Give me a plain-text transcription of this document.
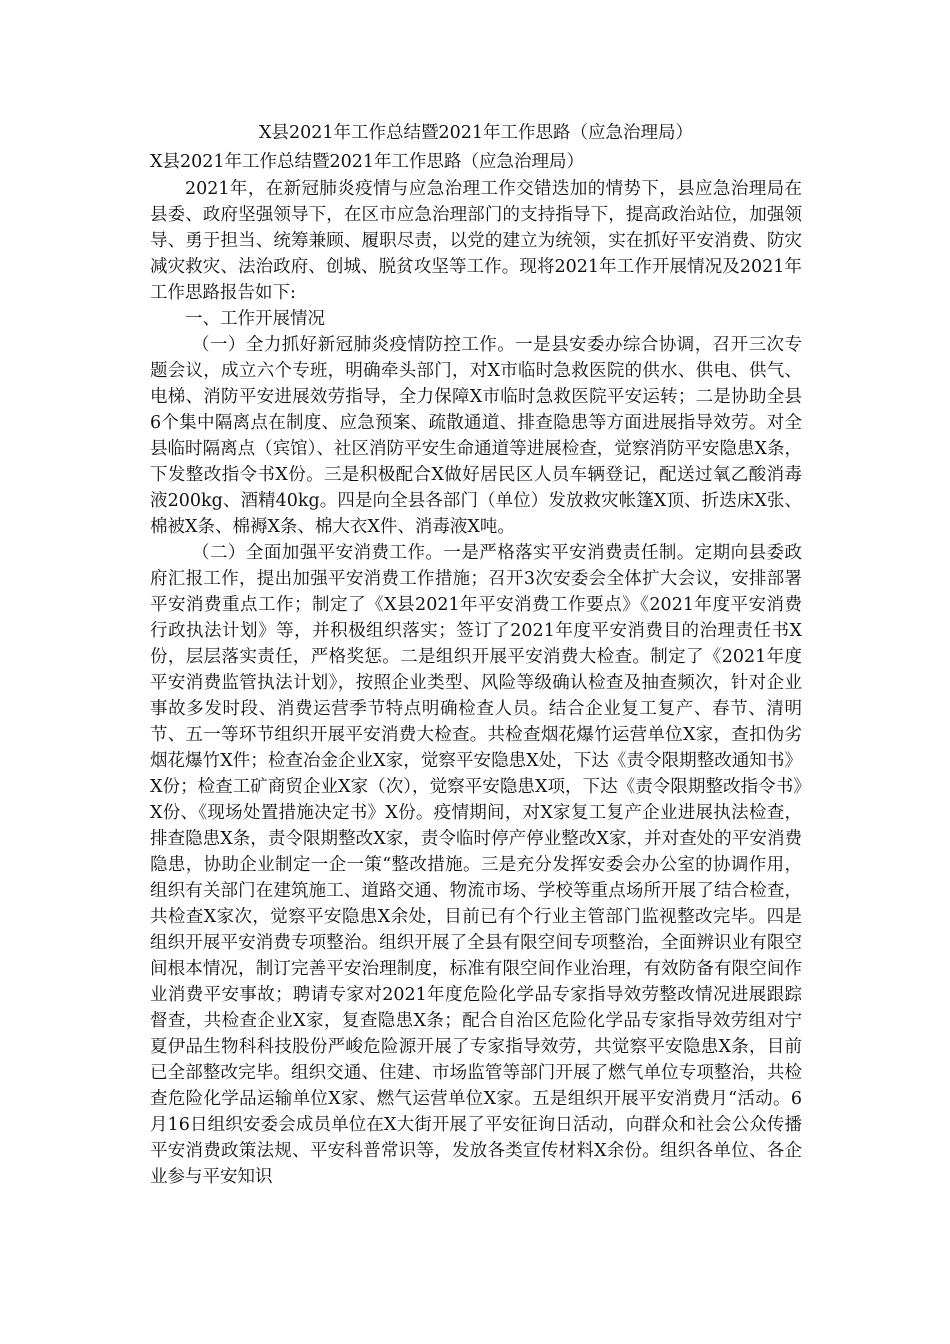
X县2021年工作总结暨2021年工作思路（应急治理局）

X县2021年工作总结暨2021年工作思路（应急治理局）

2021年，在新冠肺炎疫情与应急治理工作交错迭加的情势下，县应急治理局在县委、政府坚强领导下，在区市应急治理部门的支持指导下，提高政治站位，加强领导、勇于担当、统筹兼顾、履职尽责，以党的建立为统领，实在抓好平安消费、防灾减灾救灾、法治政府、创城、脱贫攻坚等工作。现将2021年工作开展情况及2021年工作思路报告如下:

一、工作开展情况

（一）全力抓好新冠肺炎疫情防控工作。一是县安委办综合协调，召开三次专题会议，成立六个专班，明确牵头部门，对X市临时急救医院的供水、供电、供气、电梯、消防平安进展效劳指导，全力保障X市临时急救医院平安运转；二是协助全县6个集中隔离点在制度、应急预案、疏散通道、排查隐患等方面进展指导效劳。对全县临时隔离点（宾馆）、社区消防平安生命通道等进展检查，觉察消防平安隐患X条，下发整改指令书X份。三是积极配合X做好居民区人员车辆登记，配送过氧乙酸消毒液200kg、酒精40kg。四是向全县各部门（单位）发放救灾帐篷X顶、折迭床X张、棉被X条、棉褥X条、棉大衣X件、消毒液X吨。

（二）全面加强平安消费工作。一是严格落实平安消费责任制。定期向县委政府汇报工作，提出加强平安消费工作措施；召开3次安委会全体扩大会议，安排部署平安消费重点工作；制定了《X县2021年平安消费工作要点》《2021年度平安消费行政执法计划》等，并积极组织落实；签订了2021年度平安消费目的治理责任书X份，层层落实责任，严格奖惩。二是组织开展平安消费大检查。制定了《2021年度平安消费监管执法计划》，按照企业类型、风险等级确认检查及抽查频次，针对企业事故多发时段、消费运营季节特点明确检查人员。结合企业复工复产、春节、清明节、五一等环节组织开展平安消费大检查。共检查烟花爆竹运营单位X家，查扣伪劣烟花爆竹X件；检查冶金企业X家，觉察平安隐患X处，下达《责令限期整改通知书》X份；检查工矿商贸企业X家（次），觉察平安隐患X项，下达《责令限期整改指令书》X份、《现场处置措施决定书》X份。疫情期间，对X家复工复产企业进展执法检查，排查隐患X条，责令限期整改X家，责令临时停产停业整改X家，并对查处的平安消费隐患，协助企业制定一企一策“整改措施。三是充分发挥安委会办公室的协调作用，组织有关部门在建筑施工、道路交通、物流市场、学校等重点场所开展了结合检查，共检查X家次，觉察平安隐患X余处，目前已有个行业主管部门监视整改完毕。四是组织开展平安消费专项整治。组织开展了全县有限空间专项整治，全面辨识业有限空间根本情况，制订完善平安治理制度，标准有限空间作业治理，有效防备有限空间作业消费平安事故；聘请专家对2021年度危险化学品专家指导效劳整改情况进展跟踪督查，共检查企业X家，复查隐患X条；配合自治区危险化学品专家指导效劳组对宁夏伊品生物科科技股份严峻危险源开展了专家指导效劳，共觉察平安隐患X条，目前已全部整改完毕。组织交通、住建、市场监管等部门开展了燃气单位专项整治，共检查危险化学品运输单位X家、燃气运营单位X家。五是组织开展平安消费月“活动。6月16日组织安委会成员单位在X大街开展了平安征询日活动，向群众和社会公众传播平安消费政策法规、平安科普常识等，发放各类宣传材料X余份。组织各单位、各企业参与平安知识
